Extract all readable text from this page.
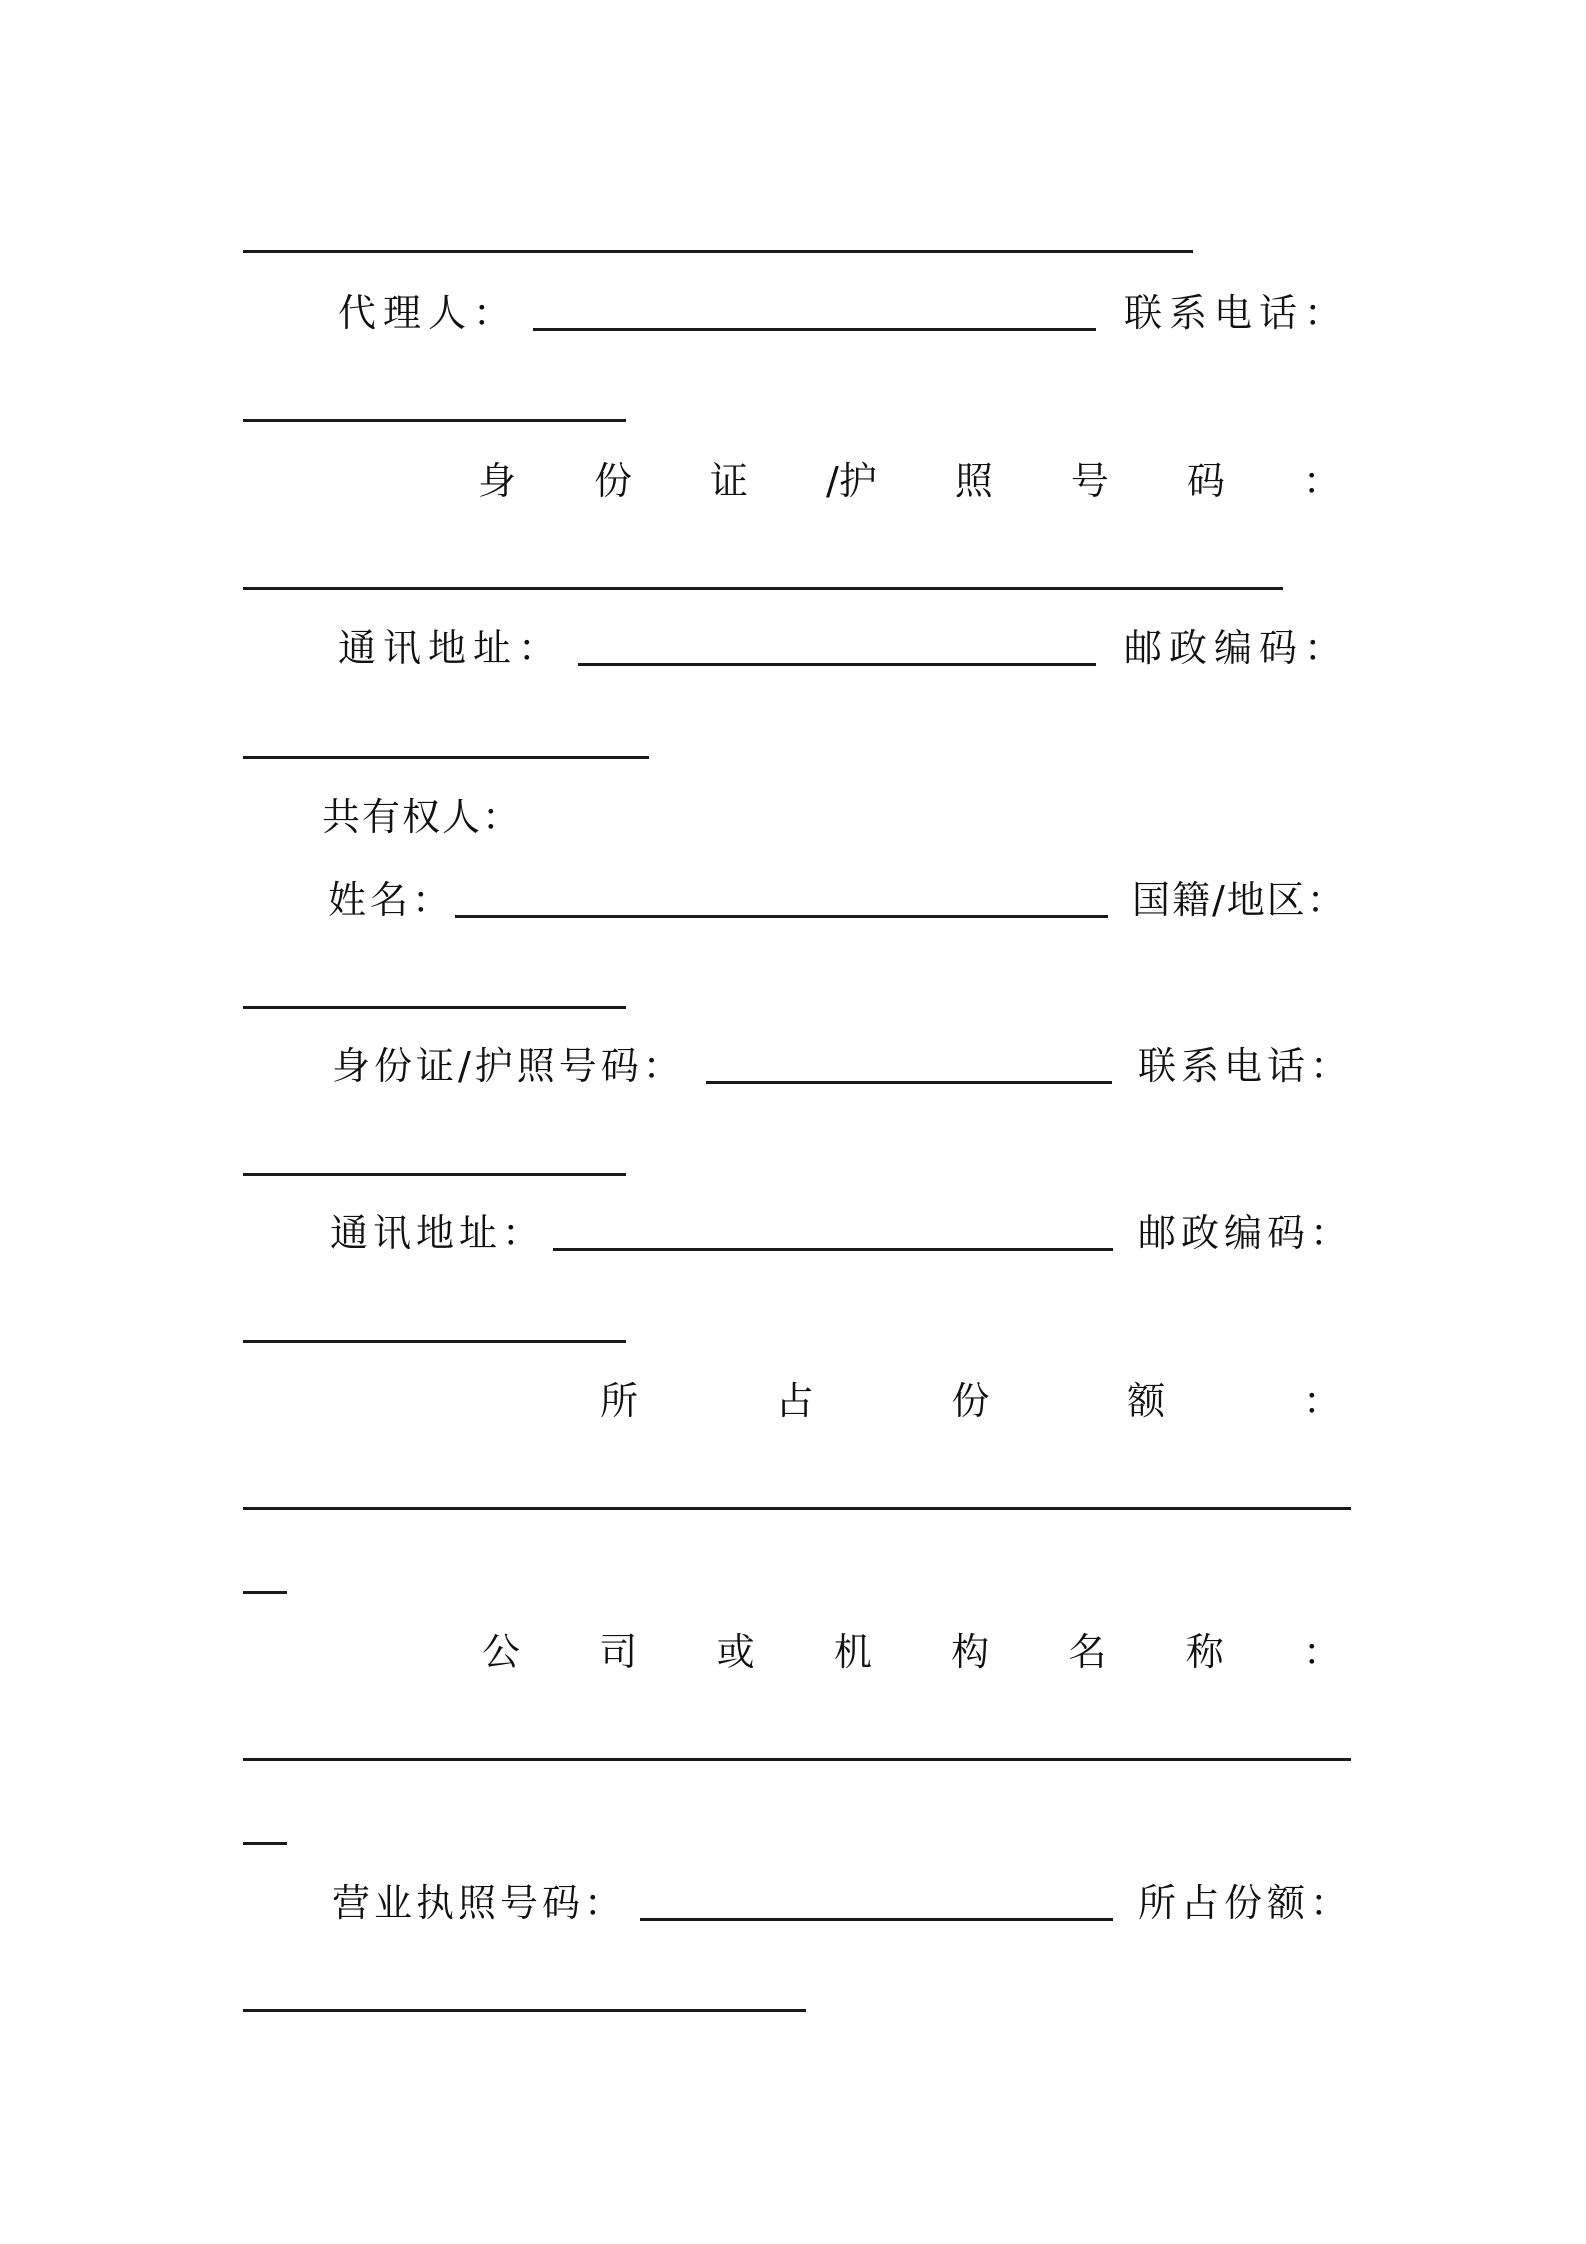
代理人：	联系电话：
身 份 证 /护 照 号 码 ：
通讯地址：	邮政编码：
共有权人：
姓名：	国籍/地区：
身份证/护照号码：	联系电话：
通讯地址：	邮政编码：
所	占	份	额	：
公 司 或 机 构 名 称 ：
营业执照号码：	所占份额：
